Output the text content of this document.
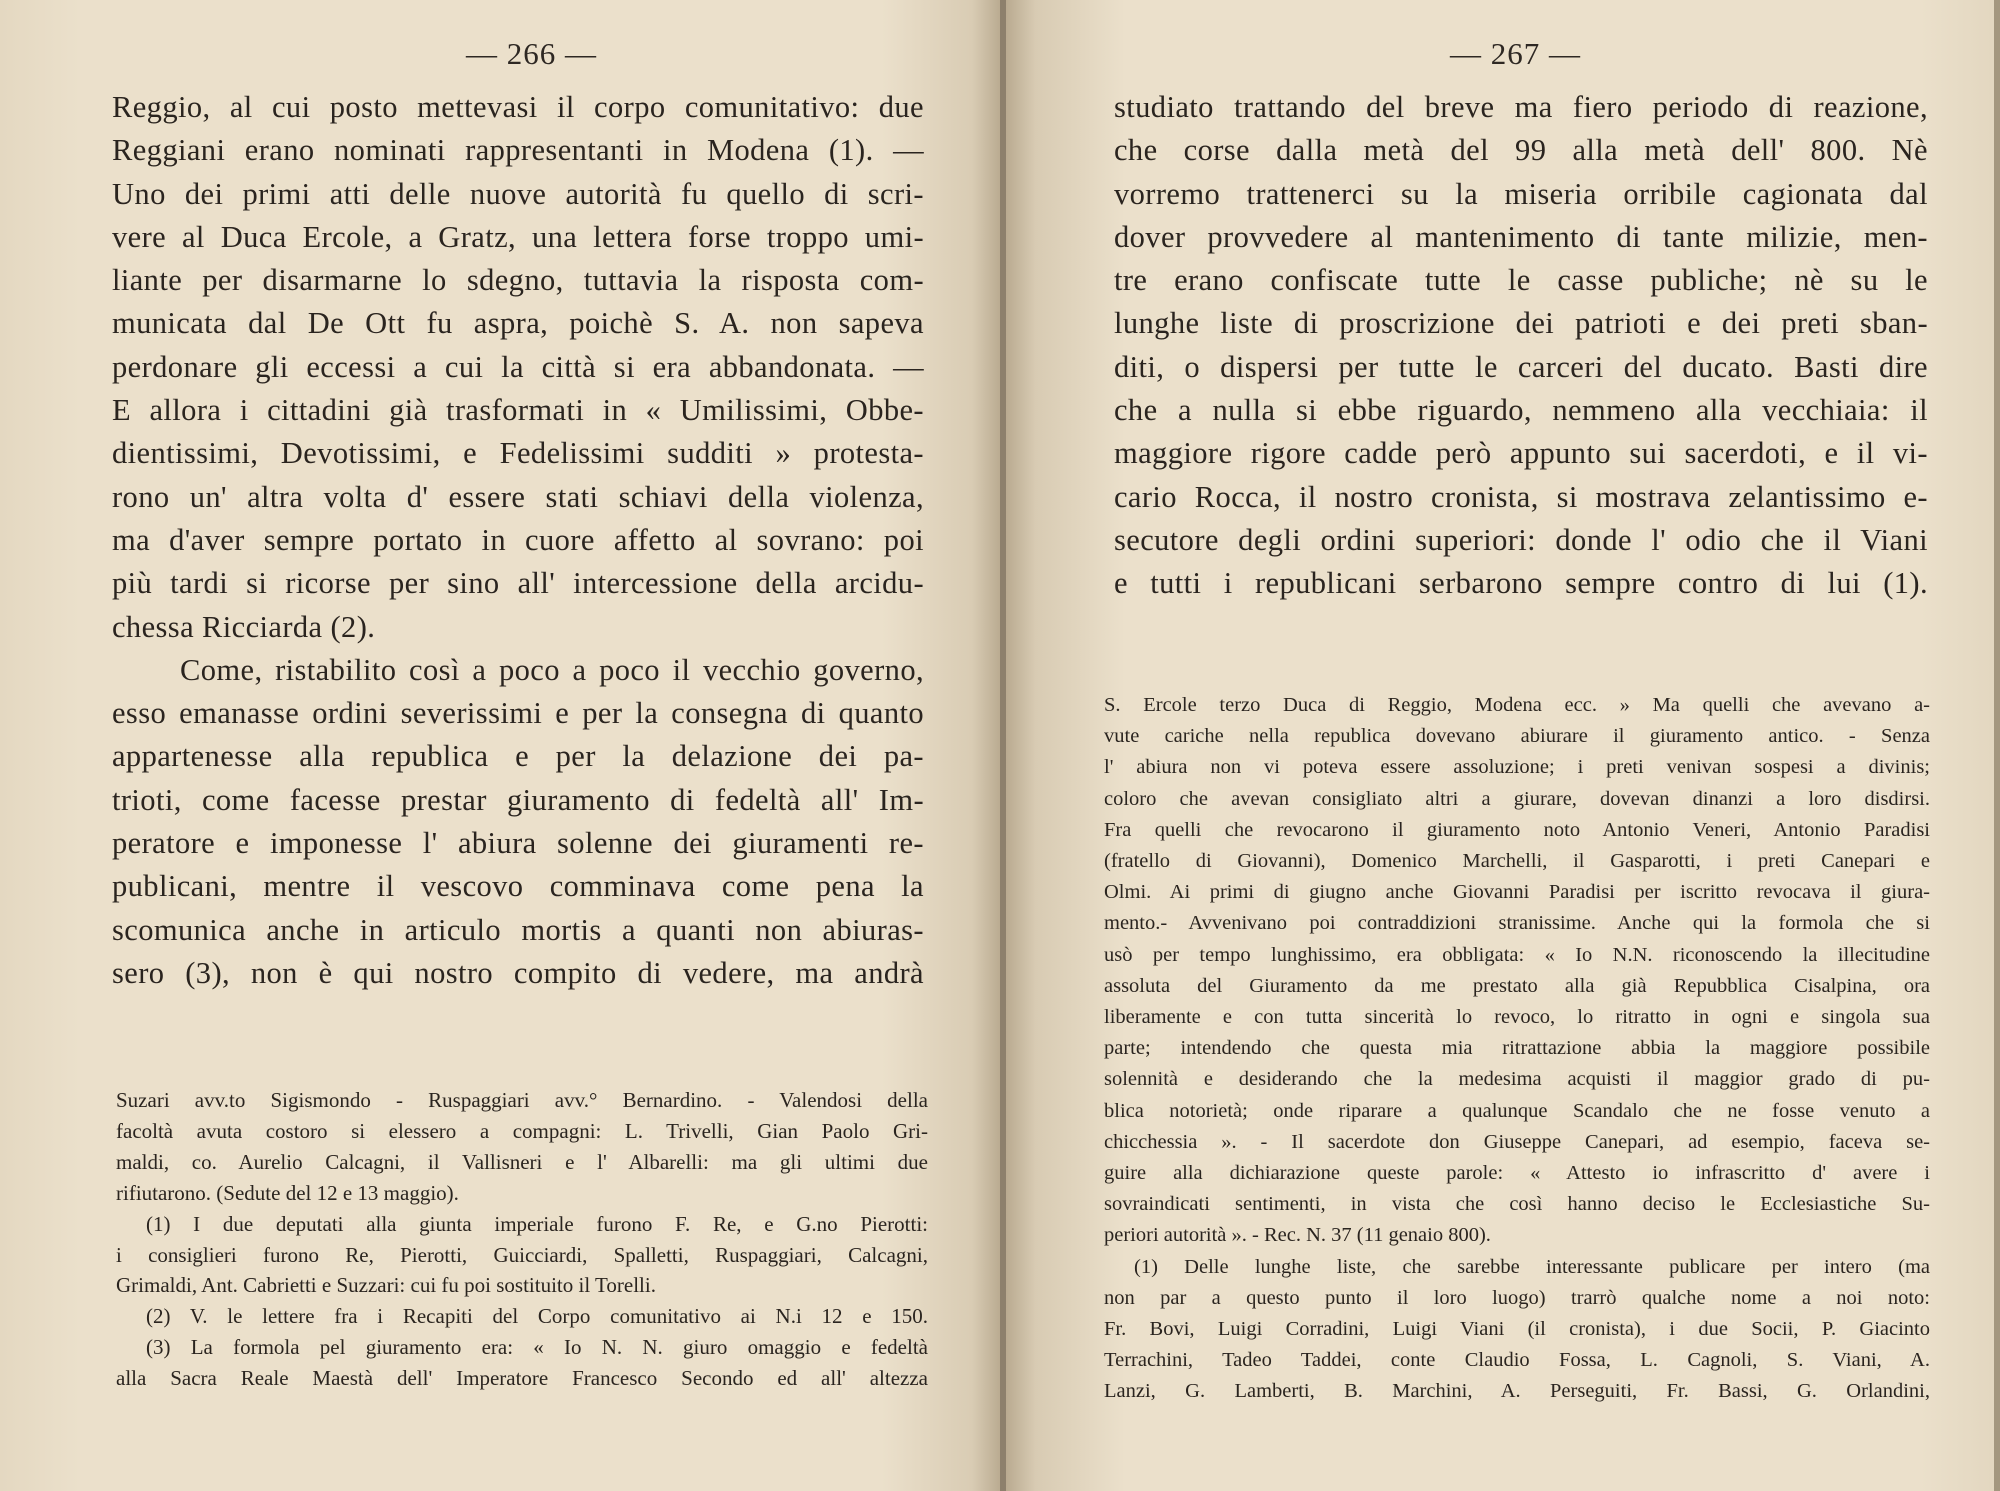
— 266 —
Reggio, al cui posto mettevasi il corpo comunitativo: due
Reggiani erano nominati rappresentanti in Modena (1). —
Uno dei primi atti delle nuove autorità fu quello di scri-
vere al Duca Ercole, a Gratz, una lettera forse troppo umi-
liante per disarmarne lo sdegno, tuttavia la risposta com-
municata dal De Ott fu aspra, poichè S. A. non sapeva
perdonare gli eccessi a cui la città si era abbandonata. —
E allora i cittadini già trasformati in « Umilissimi, Obbe-
dientissimi, Devotissimi, e Fedelissimi sudditi » protesta-
rono un' altra volta d' essere stati schiavi della violenza,
ma d'aver sempre portato in cuore affetto al sovrano: poi
più tardi si ricorse per sino all' intercessione della arcidu-
chessa Ricciarda (2).
Come, ristabilito così a poco a poco il vecchio governo,
esso emanasse ordini severissimi e per la consegna di quanto
appartenesse alla republica e per la delazione dei pa-
trioti, come facesse prestar giuramento di fedeltà all' Im-
peratore e imponesse l' abiura solenne dei giuramenti re-
publicani, mentre il vescovo comminava come pena la
scomunica anche in articulo mortis a quanti non abiuras-
sero (3), non è qui nostro compito di vedere, ma andrà
Suzari avv.to Sigismondo - Ruspaggiari avv.° Bernardino. - Valendosi della
facoltà avuta costoro si elessero a compagni: L. Trivelli, Gian Paolo Gri-
maldi, co. Aurelio Calcagni, il Vallisneri e l' Albarelli: ma gli ultimi due
rifiutarono. (Sedute del 12 e 13 maggio).
(1) I due deputati alla giunta imperiale furono F. Re, e G.no Pierotti:
i consiglieri furono Re, Pierotti, Guicciardi, Spalletti, Ruspaggiari, Calcagni,
Grimaldi, Ant. Cabrietti e Suzzari: cui fu poi sostituito il Torelli.
(2) V. le lettere fra i Recapiti del Corpo comunitativo ai N.i 12 e 150.
(3) La formola pel giuramento era: « Io N. N. giuro omaggio e fedeltà
alla Sacra Reale Maestà dell' Imperatore Francesco Secondo ed all' altezza
— 267 —
studiato trattando del breve ma fiero periodo di reazione,
che corse dalla metà del 99 alla metà dell' 800. Nè
vorremo trattenerci su la miseria orribile cagionata dal
dover provvedere al mantenimento di tante milizie, men-
tre erano confiscate tutte le casse publiche; nè su le
lunghe liste di proscrizione dei patrioti e dei preti sban-
diti, o dispersi per tutte le carceri del ducato. Basti dire
che a nulla si ebbe riguardo, nemmeno alla vecchiaia: il
maggiore rigore cadde però appunto sui sacerdoti, e il vi-
cario Rocca, il nostro cronista, si mostrava zelantissimo e-
secutore degli ordini superiori: donde l' odio che il Viani
e tutti i republicani serbarono sempre contro di lui (1).
S. Ercole terzo Duca di Reggio, Modena ecc. » Ma quelli che avevano a-
vute cariche nella republica dovevano abiurare il giuramento antico. - Senza
l' abiura non vi poteva essere assoluzione; i preti venivan sospesi a divinis;
coloro che avevan consigliato altri a giurare, dovevan dinanzi a loro disdirsi.
Fra quelli che revocarono il giuramento noto Antonio Veneri, Antonio Paradisi
(fratello di Giovanni), Domenico Marchelli, il Gasparotti, i preti Canepari e
Olmi. Ai primi di giugno anche Giovanni Paradisi per iscritto revocava il giura-
mento.- Avvenivano poi contraddizioni stranissime. Anche qui la formola che si
usò per tempo lunghissimo, era obbligata: « Io N.N. riconoscendo la illecitudine
assoluta del Giuramento da me prestato alla già Repubblica Cisalpina, ora
liberamente e con tutta sincerità lo revoco, lo ritratto in ogni e singola sua
parte; intendendo che questa mia ritrattazione abbia la maggiore possibile
solennità e desiderando che la medesima acquisti il maggior grado di pu-
blica notorietà; onde riparare a qualunque Scandalo che ne fosse venuto a
chicchessia ». - Il sacerdote don Giuseppe Canepari, ad esempio, faceva se-
guire alla dichiarazione queste parole: « Attesto io infrascritto d' avere i
sovraindicati sentimenti, in vista che così hanno deciso le Ecclesiastiche Su-
periori autorità ». - Rec. N. 37 (11 genaio 800).
(1) Delle lunghe liste, che sarebbe interessante publicare per intero (ma
non par a questo punto il loro luogo) trarrò qualche nome a noi noto:
Fr. Bovi, Luigi Corradini, Luigi Viani (il cronista), i due Socii, P. Giacinto
Terrachini, Tadeo Taddei, conte Claudio Fossa, L. Cagnoli, S. Viani, A.
Lanzi, G. Lamberti, B. Marchini, A. Perseguiti, Fr. Bassi, G. Orlandini,
